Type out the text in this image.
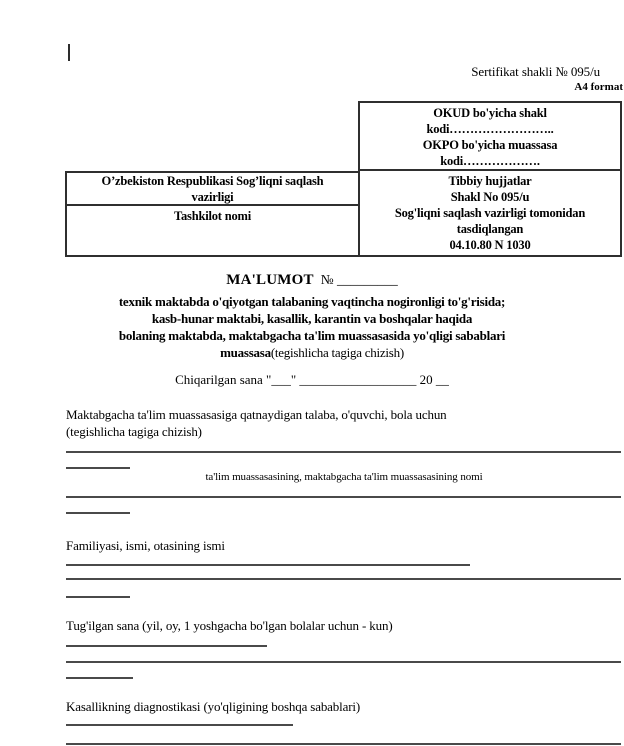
Sertifikat shakli № 095/u
A4 format
OKUD bo'yicha shakl
kodi……………………..
OKPO bo'yicha muassasa
kodi……………….
O’zbekiston Respublikasi Sog’liqni saqlash
vazirligi
Tashkilot nomi
Tibbiy hujjatlar
Shakl No 095/u
Sog'liqni saqlash vazirligi tomonidan
tasdiqlangan
04.10.80 N 1030
MA'LUMOT № _________
texnik maktabda o'qiyotgan talabaning vaqtincha nogironligi to'g'risida;
kasb-hunar maktabi, kasallik, karantin va boshqalar haqida
bolaning maktabda, maktabgacha ta'lim muassasasida yo'qligi sabablari
muassasa(tegishlicha tagiga chizish)
Chiqarilgan sana "___" __________________ 20 __
Maktabgacha ta'lim muassasasiga qatnaydigan talaba, o'quvchi, bola uchun
(tegishlicha tagiga chizish)
ta'lim muassasasining, maktabgacha ta'lim muassasasining nomi
Familiyasi, ismi, otasining ismi
Tug'ilgan sana (yil, oy, 1 yoshgacha bo'lgan bolalar uchun - kun)
Kasallikning diagnostikasi (yo'qligining boshqa sabablari)
